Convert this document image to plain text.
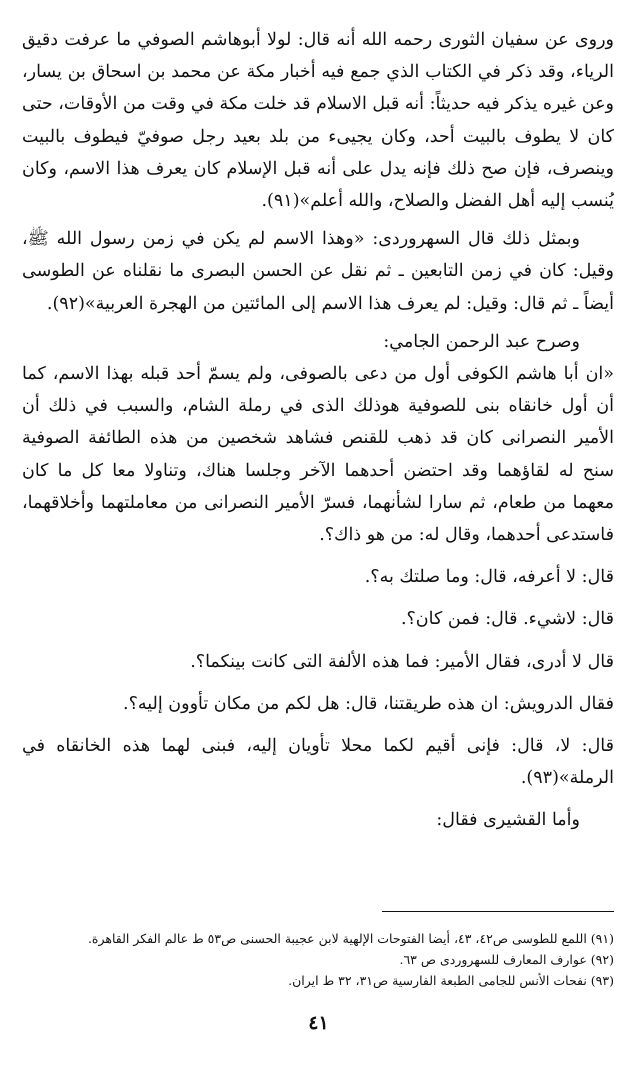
وروى عن سفيان الثورى رحمه الله أنه قال: لولا أبوهاشم الصوفي ما عرفت دقيق الرياء، وقد ذكر في الكتاب الذي جمع فيه أخبار مكة عن محمد بن اسحاق بن يسار، وعن غيره يذكر فيه حديثاً: أنه قبل الاسلام قد خلت مكة في وقت من الأوقات، حتى كان لا يطوف بالبيت أحد، وكان يجيىء من بلد بعيد رجل صوفيّ فيطوف بالبيت وينصرف، فإن صح ذلك فإنه يدل على أنه قبل الإسلام كان يعرف هذا الاسم، وكان يُنسب إليه أهل الفضل والصلاح، والله أعلم»(٩١).

وبمثل ذلك قال السهروردى: «وهذا الاسم لم يكن في زمن رسول الله ﷺ، وقيل: كان في زمن التابعين ـ ثم نقل عن الحسن البصرى ما نقلناه عن الطوسى أيضاً ـ ثم قال: وقيل: لم يعرف هذا الاسم إلى المائتين من الهجرة العربية»(٩٢).

وصرح عبد الرحمن الجامي:

«ان أبا هاشم الكوفى أول من دعى بالصوفى، ولم يسمّ أحد قبله بهذا الاسم، كما أن أول خانقاه بنى للصوفية هوذلك الذى في رملة الشام، والسبب في ذلك أن الأمير النصرانى كان قد ذهب للقنص فشاهد شخصين من هذه الطائفة الصوفية سنح له لقاؤهما وقد احتضن أحدهما الآخر وجلسا هناك، وتناولا معا كل ما كان معهما من طعام، ثم سارا لشأنهما، فسرّ الأمير النصرانى من معاملتهما وأخلاقهما، فاستدعى أحدهما، وقال له: من هو ذاك؟.

قال: لا أعرفه، قال: وما صلتك به؟.

قال: لاشيء. قال: فمن كان؟.

قال لا أدرى، فقال الأمير: فما هذه الألفة التى كانت بينكما؟.

فقال الدرويش: ان هذه طريقتنا، قال: هل لكم من مكان تأوون إليه؟.

قال: لا، قال: فإنى أقيم لكما محلا تأويان إليه، فبنى لهما هذه الخانقاه في الرملة»(٩٣).

وأما القشيرى فقال:

(٩١) اللمع للطوسى ص٤٢، ٤٣، أيضا الفتوحات الإلهية لابن عجيبة الحسنى ص٥٣ ط عالم الفكر القاهرة.

(٩٢) عوارف المعارف للسهروردى ص ٦٣.

(٩٣) نفحات الأنس للجامى الطبعة الفارسية ص٣١، ٣٢ ط ايران.

٤١
